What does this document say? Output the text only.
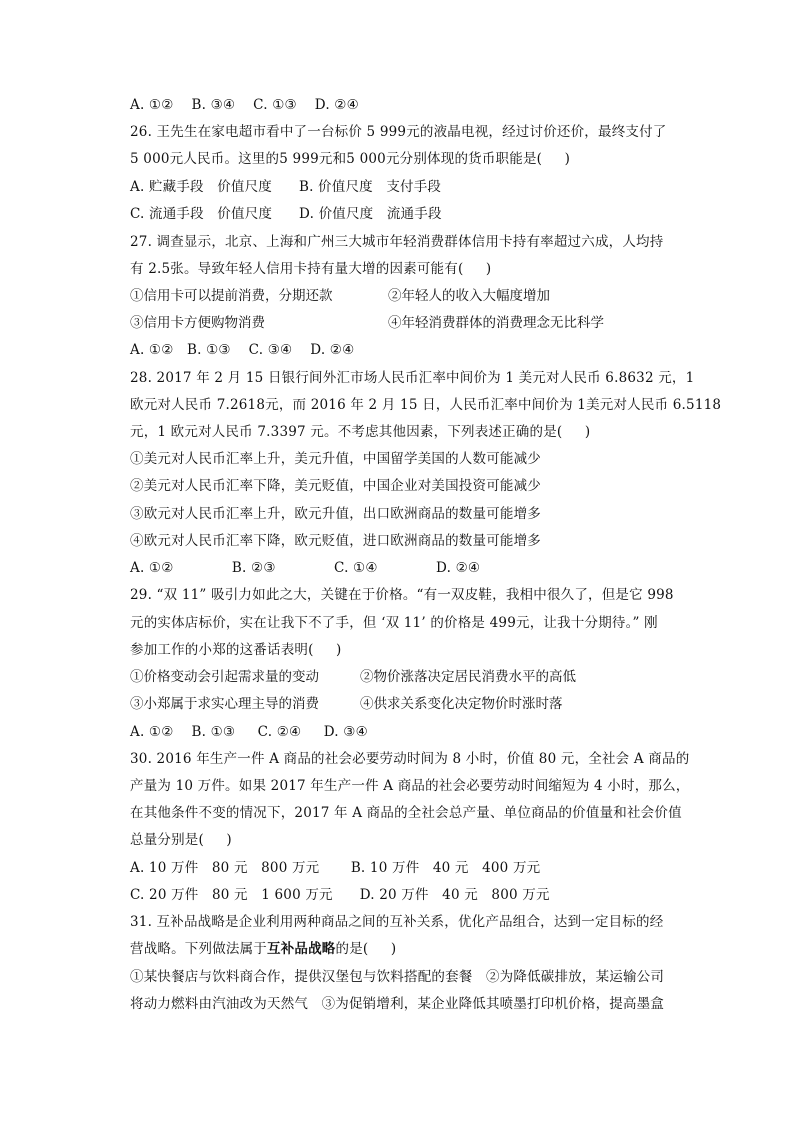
A. ①②    B. ③④    C. ①③    D. ②④
26. 王先生在家电超市看中了一台标价 5 999元的液晶电视，经过讨价还价，最终支付了
5 000元人民币。这里的5 999元和5 000元分别体现的货币职能是(     )
A. 贮藏手段   价值尺度      B. 价值尺度   支付手段
C. 流通手段   价值尺度      D. 价值尺度   流通手段
27. 调查显示，北京、上海和广州三大城市年轻消费群体信用卡持有率超过六成，人均持
有 2.5张。导致年轻人信用卡持有量大增的因素可能有(     )
①信用卡可以提前消费，分期还款	②年轻人的收入大幅度增加
③信用卡方便购物消费	④年轻消费群体的消费理念无比科学
A. ①②   B. ①③    C. ③④    D. ②④
28. 2017 年 2 月 15 日银行间外汇市场人民币汇率中间价为 1 美元对人民币 6.8632 元，1
欧元对人民币 7.2618元，而 2016 年 2 月 15 日，人民币汇率中间价为 1美元对人民币 6.5118
元，1 欧元对人民币 7.3397 元。不考虑其他因素，下列表述正确的是(     )
①美元对人民币汇率上升，美元升值，中国留学美国的人数可能减少
②美元对人民币汇率下降，美元贬值，中国企业对美国投资可能减少
③欧元对人民币汇率上升，欧元升值，出口欧洲商品的数量可能增多
④欧元对人民币汇率下降，欧元贬值，进口欧洲商品的数量可能增多
A. ①②             B. ②③             C. ①④             D. ②④
29. “双 11” 吸引力如此之大，关键在于价格。“有一双皮鞋，我相中很久了，但是它 998
元的实体店标价，实在让我下不了手，但 ‘双 11’ 的价格是 499元，让我十分期待。” 刚
参加工作的小郑的这番话表明(     )
①价格变动会引起需求量的变动	②物价涨落决定居民消费水平的高低
③小郑属于求实心理主导的消费	④供求关系变化决定物价时涨时落
A. ①②    B. ①③     C. ②④     D. ③④
30. 2016 年生产一件 A 商品的社会必要劳动时间为 8 小时，价值 80 元，全社会 A 商品的
产量为 10 万件。如果 2017 年生产一件 A 商品的社会必要劳动时间缩短为 4 小时，那么，
在其他条件不变的情况下，2017 年 A 商品的全社会总产量、单位商品的价值量和社会价值
总量分别是(     )
A. 10 万件   80 元   800 万元       B. 10 万件   40 元   400 万元
C. 20 万件   80 元   1 600 万元      D. 20 万件   40 元   800 万元
31. 互补品战略是企业利用两种商品之间的互补关系，优化产品组合，达到一定目标的经
营战略。下列做法属于互补品战略的是(     )
①某快餐店与饮料商合作，提供汉堡包与饮料搭配的套餐   ②为降低碳排放，某运输公司
将动力燃料由汽油改为天然气   ③为促销增利，某企业降低其喷墨打印机价格，提高墨盒
